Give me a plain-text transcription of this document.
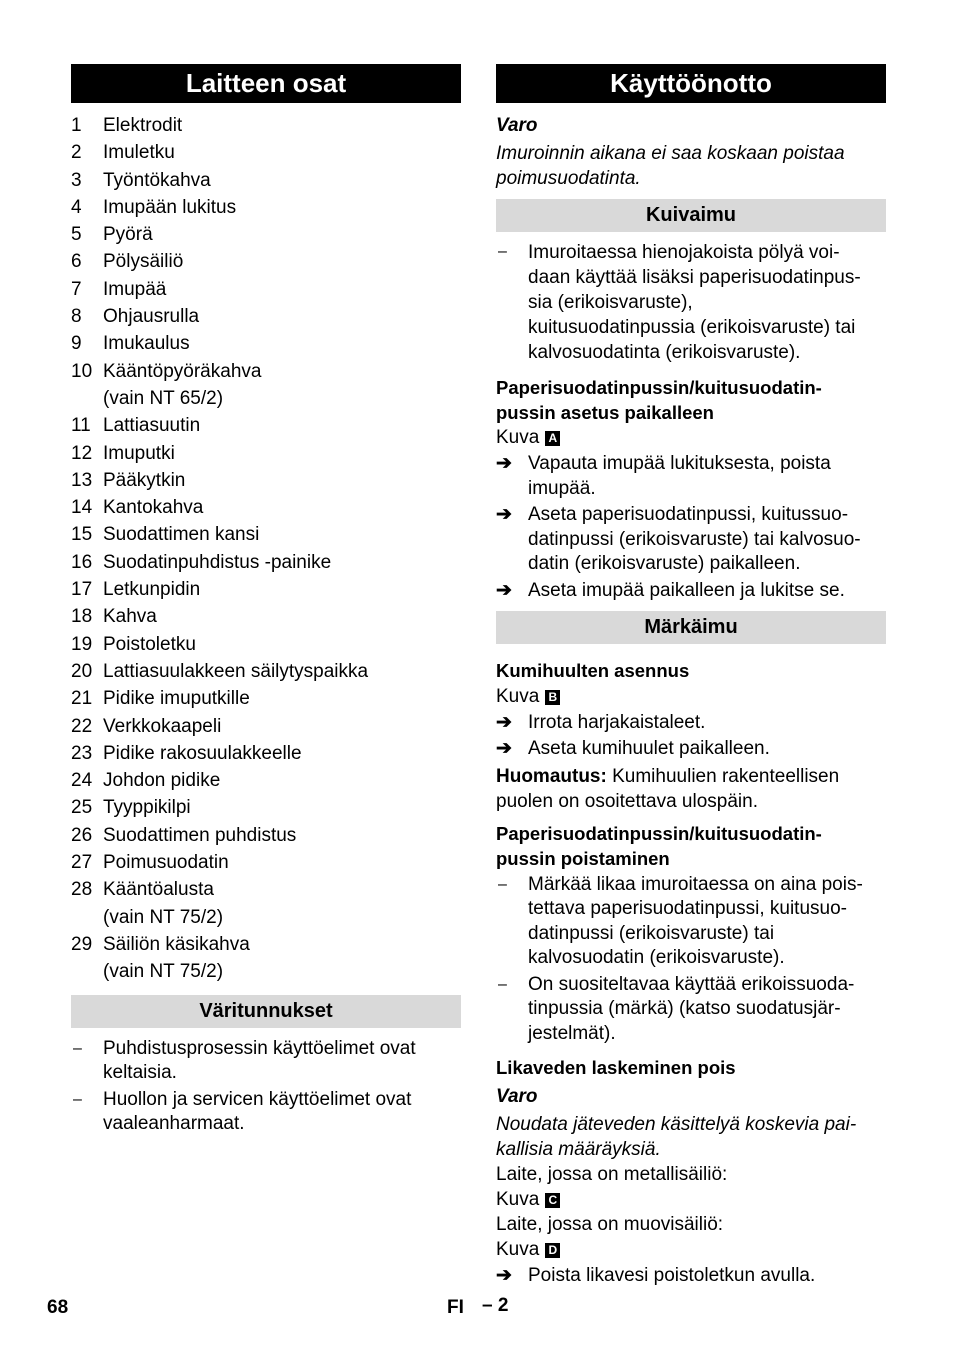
Laitteen osat
1	Elektrodit
2	Imuletku
3	Työntökahva
4	Imupään lukitus
5	Pyörä
6	Pölysäiliö
7	Imupää
8	Ohjausrulla
9	Imukaulus
10 Kääntöpyöräkahva
(vain NT 65/2)
11 Lattiasuutin
12 Imuputki
13 Pääkytkin
14 Kantokahva
15 Suodattimen kansi
16 Suodatinpuhdistus -painike
17 Letkunpidin
18 Kahva
19 Poistoletku
20 Lattiasuulakkeen säilytyspaikka
21 Pidike imuputkille
22 Verkkokaapeli
23 Pidike rakosuulakkeelle
24 Johdon pidike
25 Tyyppikilpi
26 Suodattimen puhdistus
27 Poimusuodatin
28 Kääntöalusta
(vain NT 75/2)
29 Säiliön käsikahva
(vain NT 75/2)
Väritunnukset
–	Puhdistusprosessin käyttöelimet ovat
keltaisia.
–	Huollon ja servicen käyttöelimet ovat
vaaleanharmaat.
Käyttöönotto
Varo
Imuroinnin aikana ei saa koskaan poistaa
poimusuodatintа.
Kuivaimu
–	Imuroitaessa hienojakoista pölyä voi-
daan käyttää lisäksi paperisuodatinpus-
sia (erikoisvaruste),
kuitusuodatinpussia (erikoisvaruste) tai
kalvosuodatinta (erikoisvaruste).
Paperisuodatinpussin/kuitusuodatin-
pussin asetus paikalleen
Kuva A
➔ Vapauta imupää lukituksesta, poista
imupää.
➔ Aseta paperisuodatinpussi, kuitussuo-
datinpussi (erikoisvaruste) tai kalvosuo-
datin (erikoisvaruste) paikalleen.
➔ Aseta imupää paikalleen ja lukitse se.
Märkäimu
Kumihuulten asennus
Kuva B
➔ Irrota harjakaistaleet.
➔ Aseta kumihuulet paikalleen.
Huomautus: Kumihuulien rakenteellisen
puolen on osoitettava ulospäin.
Paperisuodatinpussin/kuitusuodatin-
pussin poistaminen
–	Märkää likaa imuroitaessa on aina pois-
tettava paperisuodatinpussi, kuitusuo-
datinpussi (erikoisvaruste) tai
kalvosuodatin (erikoisvaruste).
–	On suositeltavaa käyttää erikoissuoda-
tinpussia (märkä) (katso suodatusjär-
jestelmät).
Likaveden laskeminen pois
Varo
Noudata jäteveden käsittelyä koskevia pai-
kallisia määräyksiä.
Laite, jossa on metallisäiliö:
Kuva C
Laite, jossa on muovisäiliö:
Kuva D
➔ Poista likavesi poistoletkun avulla.
68	FI – 2
